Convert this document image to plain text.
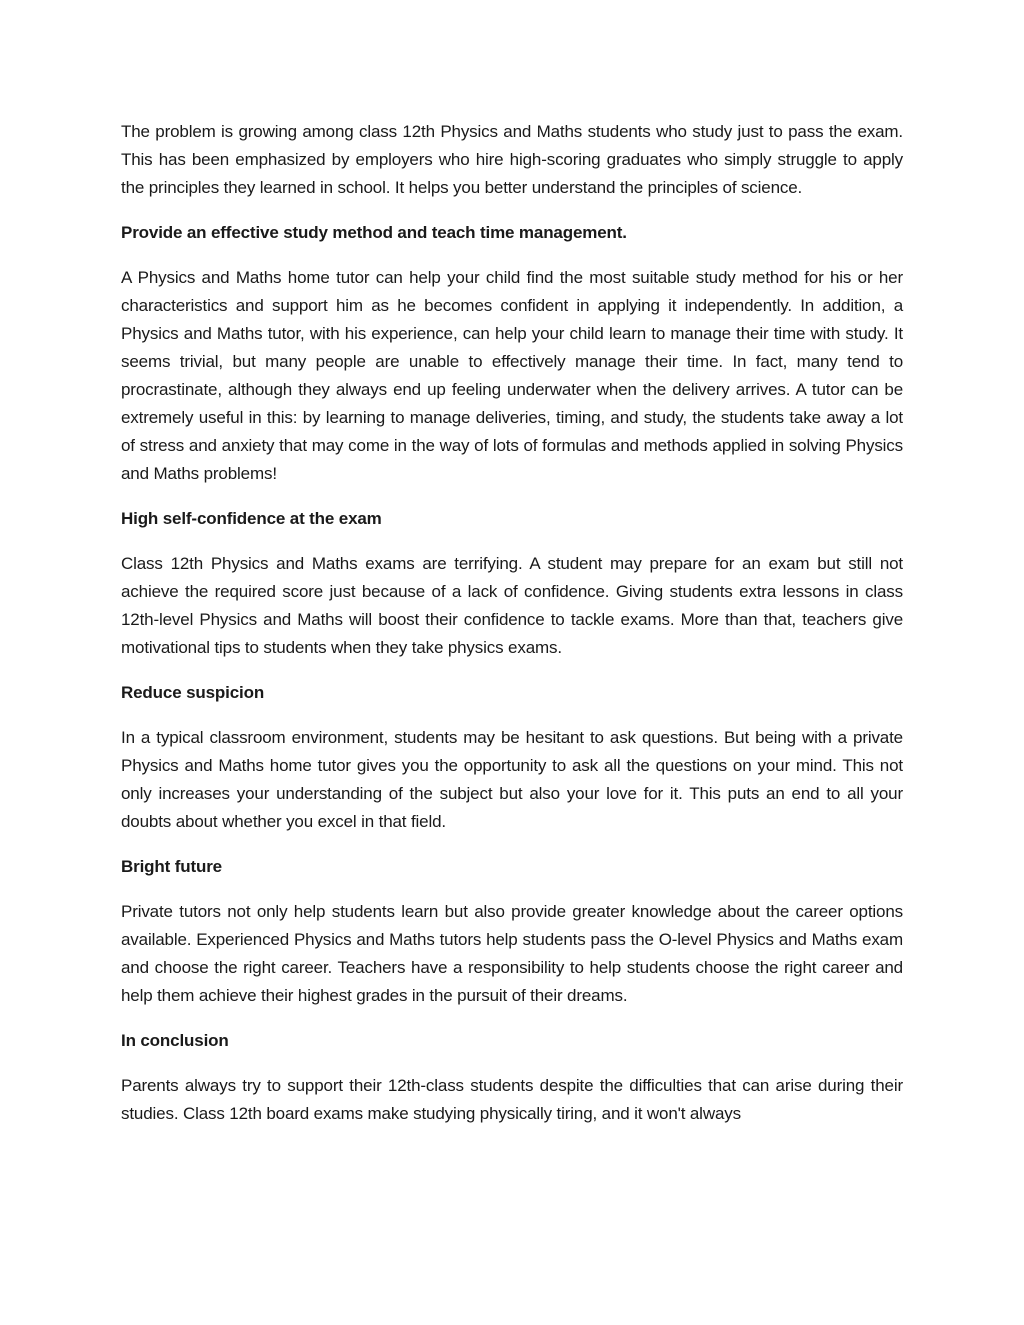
The problem is growing among class 12th Physics and Maths students who study just to pass the exam. This has been emphasized by employers who hire high-scoring graduates who simply struggle to apply the principles they learned in school. It helps you better understand the principles of science.

Provide an effective study method and teach time management.

A Physics and Maths home tutor can help your child find the most suitable study method for his or her characteristics and support him as he becomes confident in applying it independently. In addition, a Physics and Maths tutor, with his experience, can help your child learn to manage their time with study. It seems trivial, but many people are unable to effectively manage their time. In fact, many tend to procrastinate, although they always end up feeling underwater when the delivery arrives. A tutor can be extremely useful in this: by learning to manage deliveries, timing, and study, the students take away a lot of stress and anxiety that may come in the way of lots of formulas and methods applied in solving Physics and Maths problems!

High self-confidence at the exam

Class 12th Physics and Maths exams are terrifying. A student may prepare for an exam but still not achieve the required score just because of a lack of confidence. Giving students extra lessons in class 12th-level Physics and Maths will boost their confidence to tackle exams. More than that, teachers give motivational tips to students when they take physics exams.

Reduce suspicion

In a typical classroom environment, students may be hesitant to ask questions. But being with a private Physics and Maths home tutor gives you the opportunity to ask all the questions on your mind. This not only increases your understanding of the subject but also your love for it. This puts an end to all your doubts about whether you excel in that field.

Bright future

Private tutors not only help students learn but also provide greater knowledge about the career options available. Experienced Physics and Maths tutors help students pass the O-level Physics and Maths exam and choose the right career. Teachers have a responsibility to help students choose the right career and help them achieve their highest grades in the pursuit of their dreams.

In conclusion

Parents always try to support their 12th-class students despite the difficulties that can arise during their studies. Class 12th board exams make studying physically tiring, and it won't always
